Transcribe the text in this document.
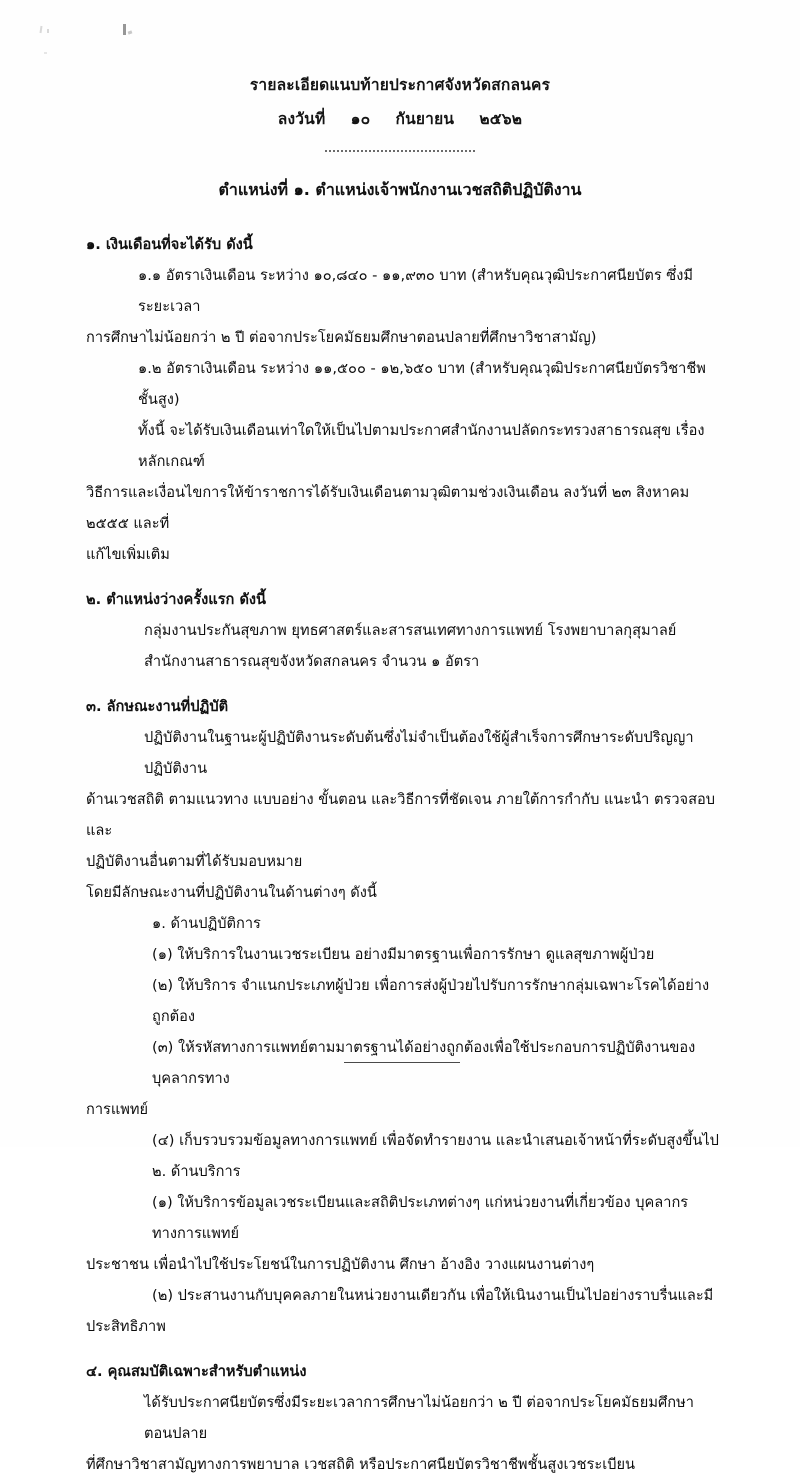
รายละเอียดแนบท้ายประกาศจังหวัดสกลนคร
ลงวันที่ ๑๐ กันยายน ๒๕๖๒
ตำแหน่งที่ ๑. ตำแหน่งเจ้าพนักงานเวชสถิติปฏิบัติงาน
๑. เงินเดือนที่จะได้รับ ดังนี้
๑.๑ อัตราเงินเดือน ระหว่าง ๑๐,๘๔๐ - ๑๑,๙๓๐ บาท (สำหรับคุณวุฒิประกาศนียบัตร ซึ่งมีระยะเวลา
การศึกษาไม่น้อยกว่า ๒ ปี ต่อจากประโยคมัธยมศึกษาตอนปลายที่ศึกษาวิชาสามัญ)
๑.๒ อัตราเงินเดือน ระหว่าง ๑๑,๕๐๐ - ๑๒,๖๕๐ บาท (สำหรับคุณวุฒิประกาศนียบัตรวิชาชีพชั้นสูง)
ทั้งนี้ จะได้รับเงินเดือนเท่าใดให้เป็นไปตามประกาศสำนักงานปลัดกระทรวงสาธารณสุข เรื่องหลักเกณฑ์
วิธีการและเงื่อนไขการให้ข้าราชการได้รับเงินเดือนตามวุฒิตามช่วงเงินเดือน ลงวันที่ ๒๓ สิงหาคม ๒๕๕๕ และที่
แก้ไขเพิ่มเติม
๒. ตำแหน่งว่างครั้งแรก ดังนี้
กลุ่มงานประกันสุขภาพ ยุทธศาสตร์และสารสนเทศทางการแพทย์ โรงพยาบาลกุสุมาลย์
สำนักงานสาธารณสุขจังหวัดสกลนคร จำนวน ๑ อัตรา
๓. ลักษณะงานที่ปฏิบัติ
ปฏิบัติงานในฐานะผู้ปฏิบัติงานระดับต้นซึ่งไม่จำเป็นต้องใช้ผู้สำเร็จการศึกษาระดับปริญญา ปฏิบัติงาน
ด้านเวชสถิติ ตามแนวทาง แบบอย่าง ขั้นตอน และวิธีการที่ชัดเจน ภายใต้การกำกับ แนะนำ ตรวจสอบ และ
ปฏิบัติงานอื่นตามที่ได้รับมอบหมาย
โดยมีลักษณะงานที่ปฏิบัติงานในด้านต่างๆ ดังนี้
๑. ด้านปฏิบัติการ
(๑) ให้บริการในงานเวชระเบียน อย่างมีมาตรฐานเพื่อการรักษา ดูแลสุขภาพผู้ป่วย
(๒) ให้บริการ จำแนกประเภทผู้ป่วย เพื่อการส่งผู้ป่วยไปรับการรักษากลุ่มเฉพาะโรคได้อย่างถูกต้อง
(๓) ให้รหัสทางการแพทย์ตามมาตรฐานได้อย่างถูกต้องเพื่อใช้ประกอบการปฏิบัติงานของบุคลากรทาง
การแพทย์
(๔) เก็บรวบรวมข้อมูลทางการแพทย์ เพื่อจัดทำรายงาน และนำเสนอเจ้าหน้าที่ระดับสูงขึ้นไป
๒. ด้านบริการ
(๑) ให้บริการข้อมูลเวชระเบียนและสถิติประเภทต่างๆ แก่หน่วยงานที่เกี่ยวข้อง บุคลากรทางการแพทย์
ประชาชน เพื่อนำไปใช้ประโยชน์ในการปฏิบัติงาน ศึกษา อ้างอิง วางแผนงานต่างๆ
(๒) ประสานงานกับบุคคลภายในหน่วยงานเดียวกัน เพื่อให้เนินงานเป็นไปอย่างราบรื่นและมี
ประสิทธิภาพ
๔. คุณสมบัติเฉพาะสำหรับตำแหน่ง
ได้รับประกาศนียบัตรซึ่งมีระยะเวลาการศึกษาไม่น้อยกว่า ๒ ปี ต่อจากประโยคมัธยมศึกษาตอนปลาย
ที่ศึกษาวิชาสามัญทางการพยาบาล เวชสถิติ หรือประกาศนียบัตรวิชาชีพชั้นสูงเวชระเบียน
